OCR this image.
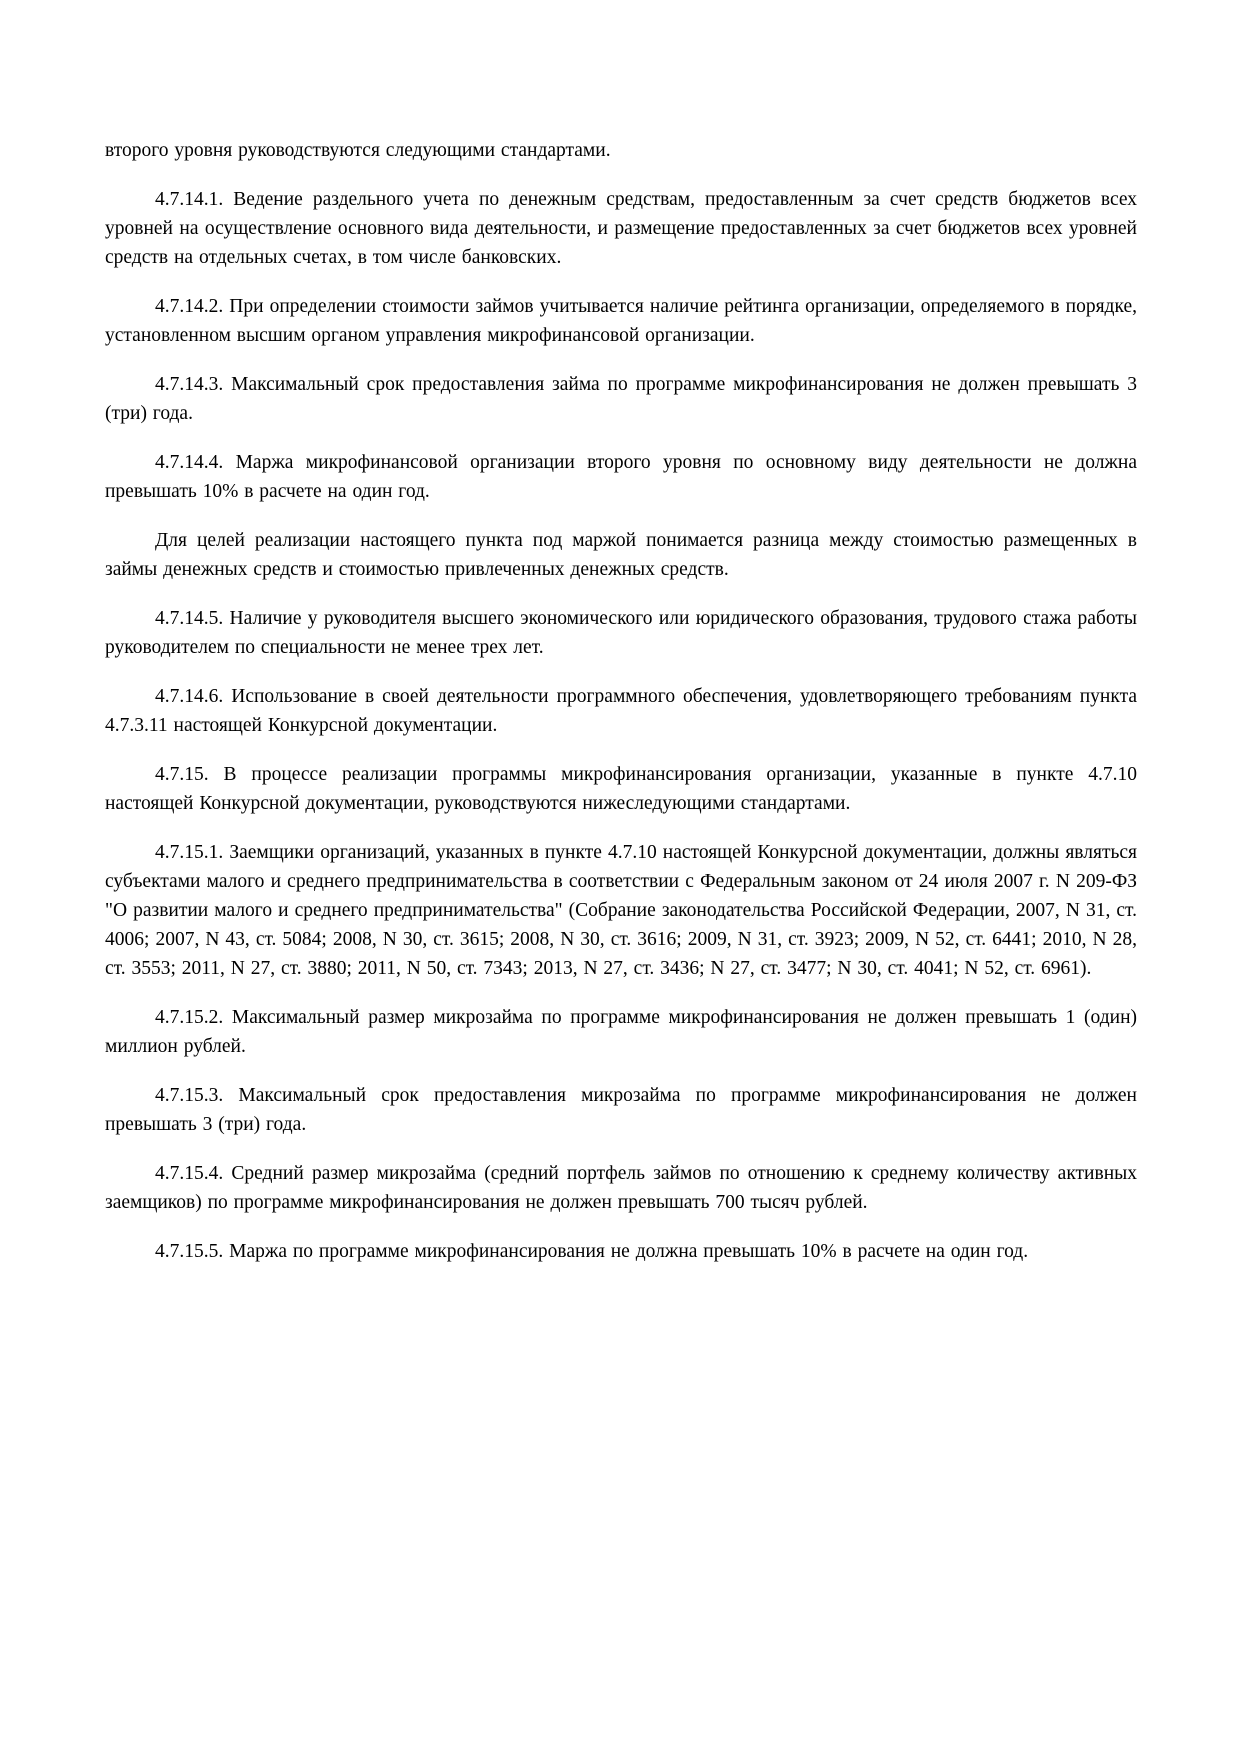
второго уровня руководствуются следующими стандартами.

4.7.14.1. Ведение раздельного учета по денежным средствам, предоставленным за счет средств бюджетов всех уровней на осуществление основного вида деятельности, и размещение предоставленных за счет бюджетов всех уровней средств на отдельных счетах, в том числе банковских.

4.7.14.2. При определении стоимости займов учитывается наличие рейтинга организации, определяемого в порядке, установленном высшим органом управления микрофинансовой организации.

4.7.14.3. Максимальный срок предоставления займа по программе микрофинансирования не должен превышать 3 (три) года.

4.7.14.4. Маржа микрофинансовой организации второго уровня по основному виду деятельности не должна превышать 10% в расчете на один год.

Для целей реализации настоящего пункта под маржой понимается разница между стоимостью размещенных в займы денежных средств и стоимостью привлеченных денежных средств.

4.7.14.5. Наличие у руководителя высшего экономического или юридического образования, трудового стажа работы руководителем по специальности не менее трех лет.

4.7.14.6. Использование в своей деятельности программного обеспечения, удовлетворяющего требованиям пункта 4.7.3.11 настоящей Конкурсной документации.

4.7.15. В процессе реализации программы микрофинансирования организации, указанные в пункте 4.7.10 настоящей Конкурсной документации, руководствуются нижеследующими стандартами.

4.7.15.1. Заемщики организаций, указанных в пункте 4.7.10 настоящей Конкурсной документации, должны являться субъектами малого и среднего предпринимательства в соответствии с Федеральным законом от 24 июля 2007 г. N 209-ФЗ "О развитии малого и среднего предпринимательства" (Собрание законодательства Российской Федерации, 2007, N 31, ст. 4006; 2007, N 43, ст. 5084; 2008, N 30, ст. 3615; 2008, N 30, ст. 3616; 2009, N 31, ст. 3923; 2009, N 52, ст. 6441; 2010, N 28, ст. 3553; 2011, N 27, ст. 3880; 2011, N 50, ст. 7343; 2013, N 27, ст. 3436; N 27, ст. 3477; N 30, ст. 4041; N 52, ст. 6961).

4.7.15.2. Максимальный размер микрозайма по программе микрофинансирования не должен превышать 1 (один) миллион рублей.

4.7.15.3. Максимальный срок предоставления микрозайма по программе микрофинансирования не должен превышать 3 (три) года.

4.7.15.4. Средний размер микрозайма (средний портфель займов по отношению к среднему количеству активных заемщиков) по программе микрофинансирования не должен превышать 700 тысяч рублей.

4.7.15.5. Маржа по программе микрофинансирования не должна превышать 10% в расчете на один год.
